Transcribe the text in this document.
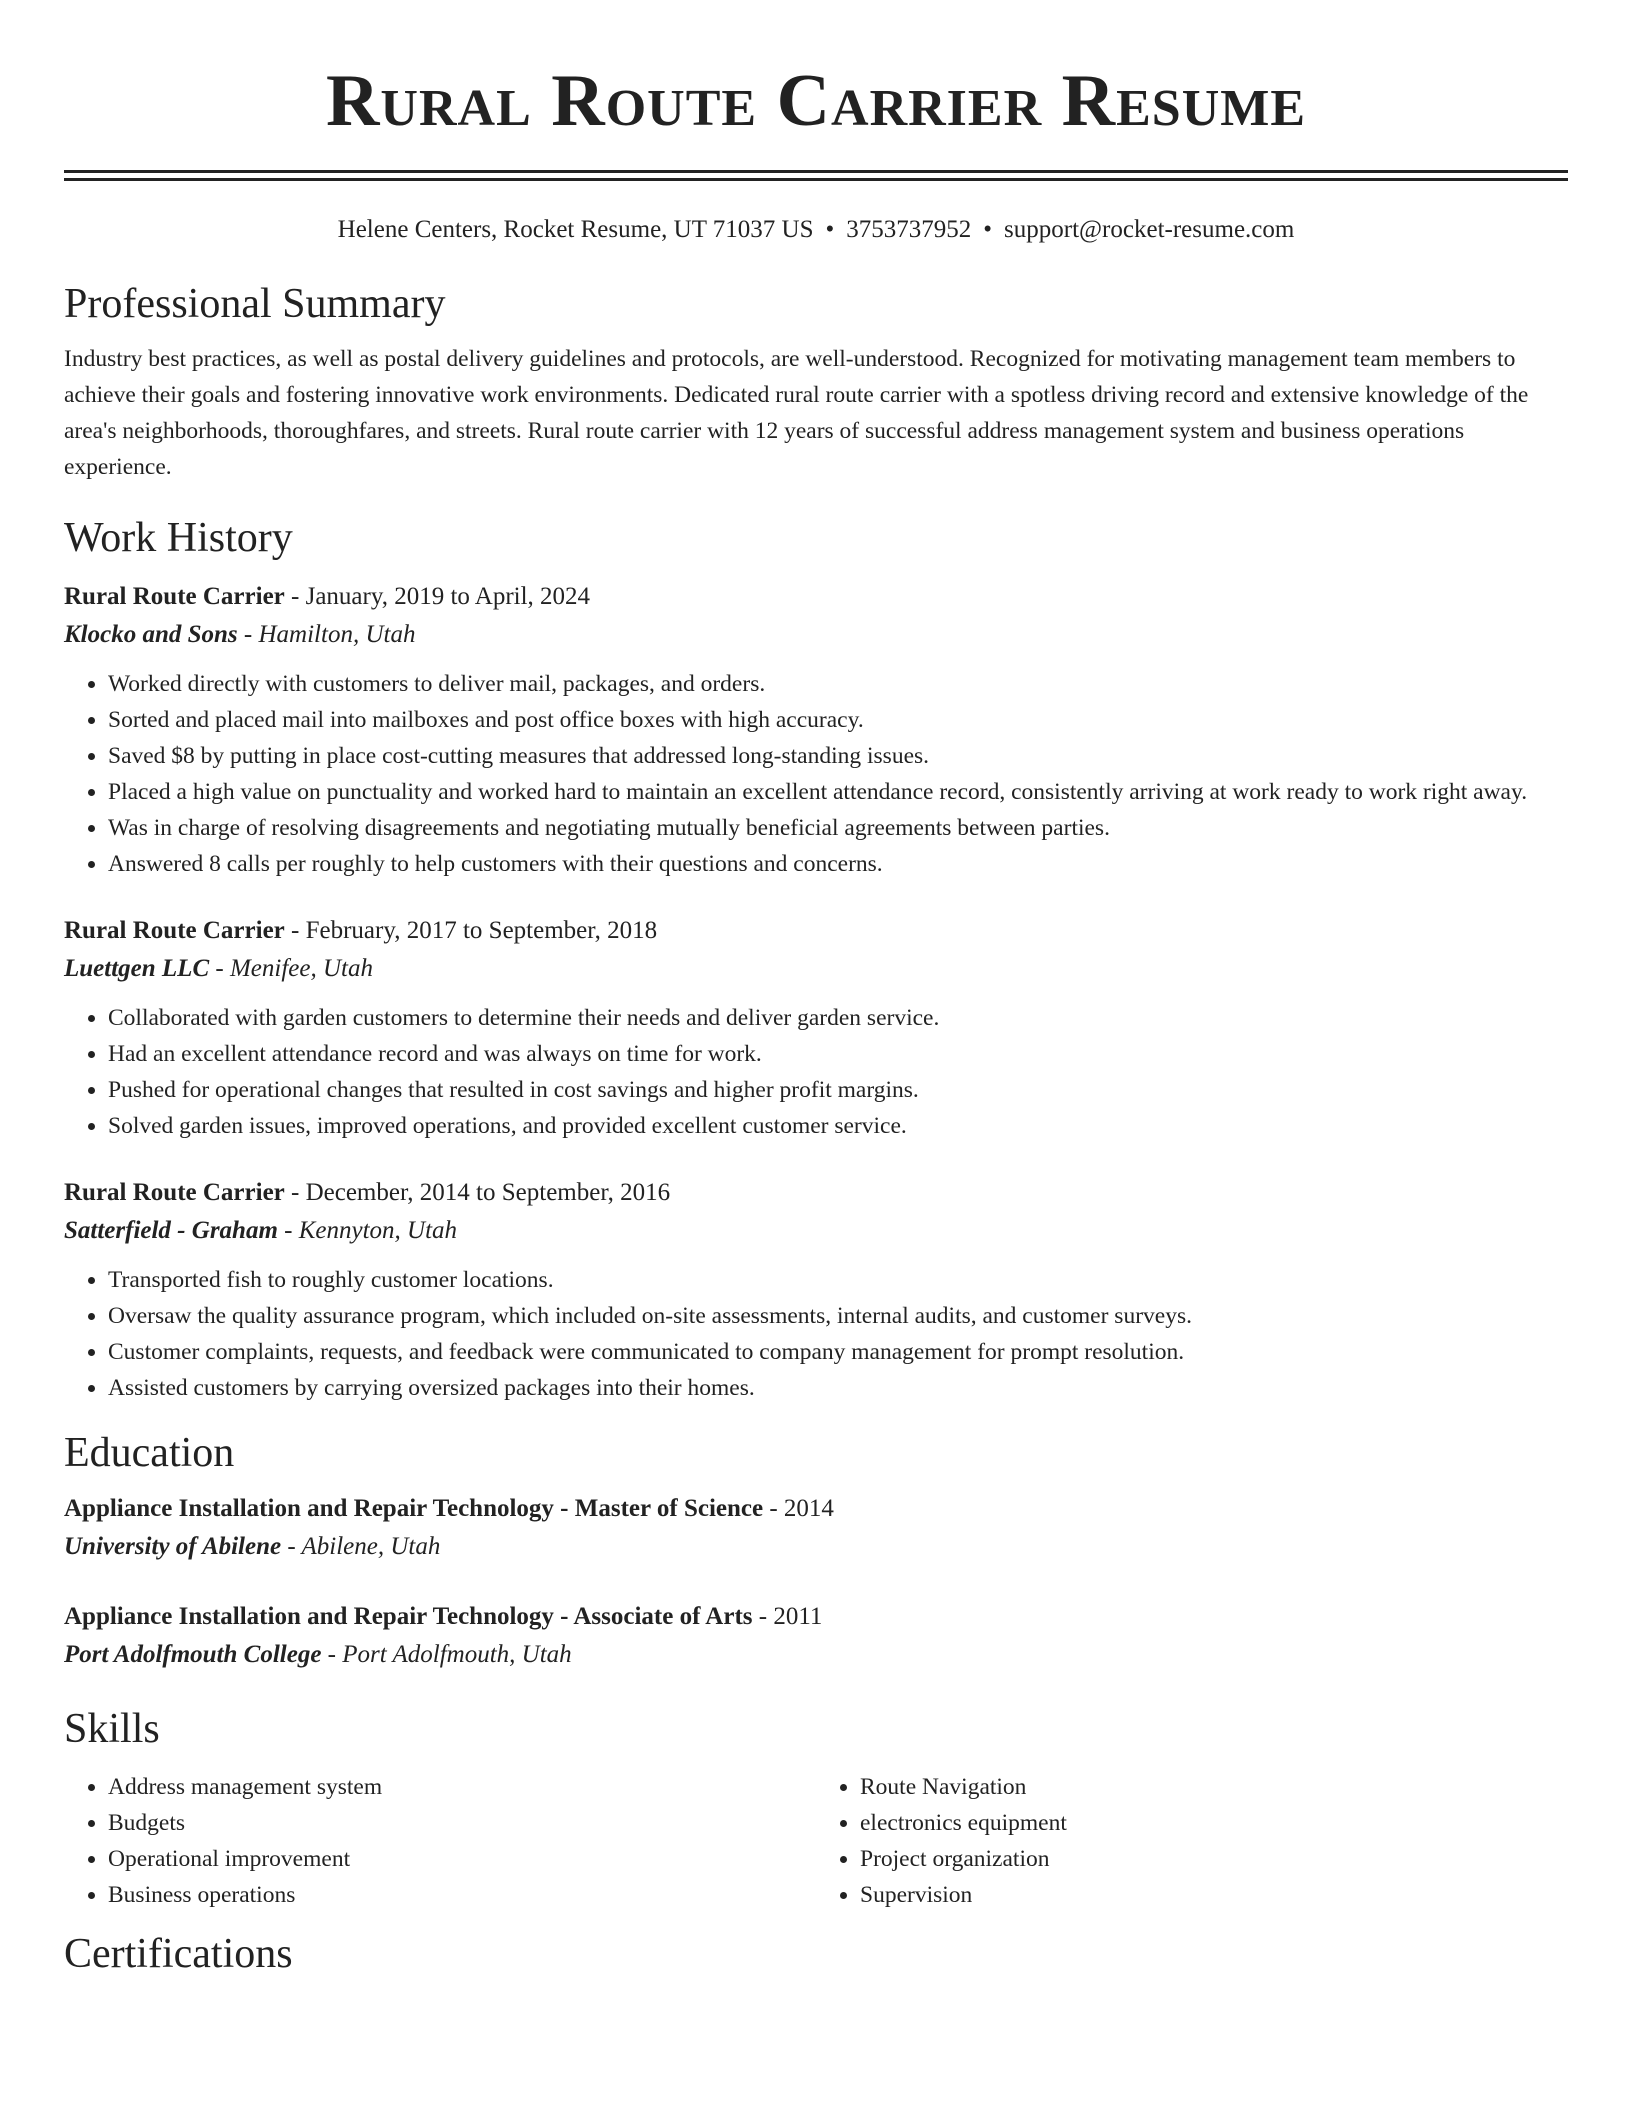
Rural Route Carrier Resume
Helene Centers, Rocket Resume, UT 71037 US • 3753737952 • support@rocket-resume.com
Professional Summary

Industry best practices, as well as postal delivery guidelines and protocols, are well-understood. Recognized for motivating management team members to achieve their goals and fostering innovative work environments. Dedicated rural route carrier with a spotless driving record and extensive knowledge of the area's neighborhoods, thoroughfares, and streets. Rural route carrier with 12 years of successful address management system and business operations experience.

Work History
Rural Route Carrier - January, 2019 to April, 2024
Klocko and Sons - Hamilton, Utah
• Worked directly with customers to deliver mail, packages, and orders.
• Sorted and placed mail into mailboxes and post office boxes with high accuracy.
• Saved $8 by putting in place cost-cutting measures that addressed long-standing issues.
• Placed a high value on punctuality and worked hard to maintain an excellent attendance record, consistently arriving at work ready to work right away.
• Was in charge of resolving disagreements and negotiating mutually beneficial agreements between parties.
• Answered 8 calls per roughly to help customers with their questions and concerns.
Rural Route Carrier - February, 2017 to September, 2018
Luettgen LLC - Menifee, Utah
• Collaborated with garden customers to determine their needs and deliver garden service.
• Had an excellent attendance record and was always on time for work.
• Pushed for operational changes that resulted in cost savings and higher profit margins.
• Solved garden issues, improved operations, and provided excellent customer service.
Rural Route Carrier - December, 2014 to September, 2016
Satterfield - Graham - Kennyton, Utah
• Transported fish to roughly customer locations.
• Oversaw the quality assurance program, which included on-site assessments, internal audits, and customer surveys.
• Customer complaints, requests, and feedback were communicated to company management for prompt resolution.
• Assisted customers by carrying oversized packages into their homes.
Education
Appliance Installation and Repair Technology - Master of Science - 2014
University of Abilene - Abilene, Utah
Appliance Installation and Repair Technology - Associate of Arts - 2011
Port Adolfmouth College - Port Adolfmouth, Utah
Skills
• Address management system
• Budgets
• Operational improvement
• Business operations
• Route Navigation
• electronics equipment
• Project organization
• Supervision
Certifications
